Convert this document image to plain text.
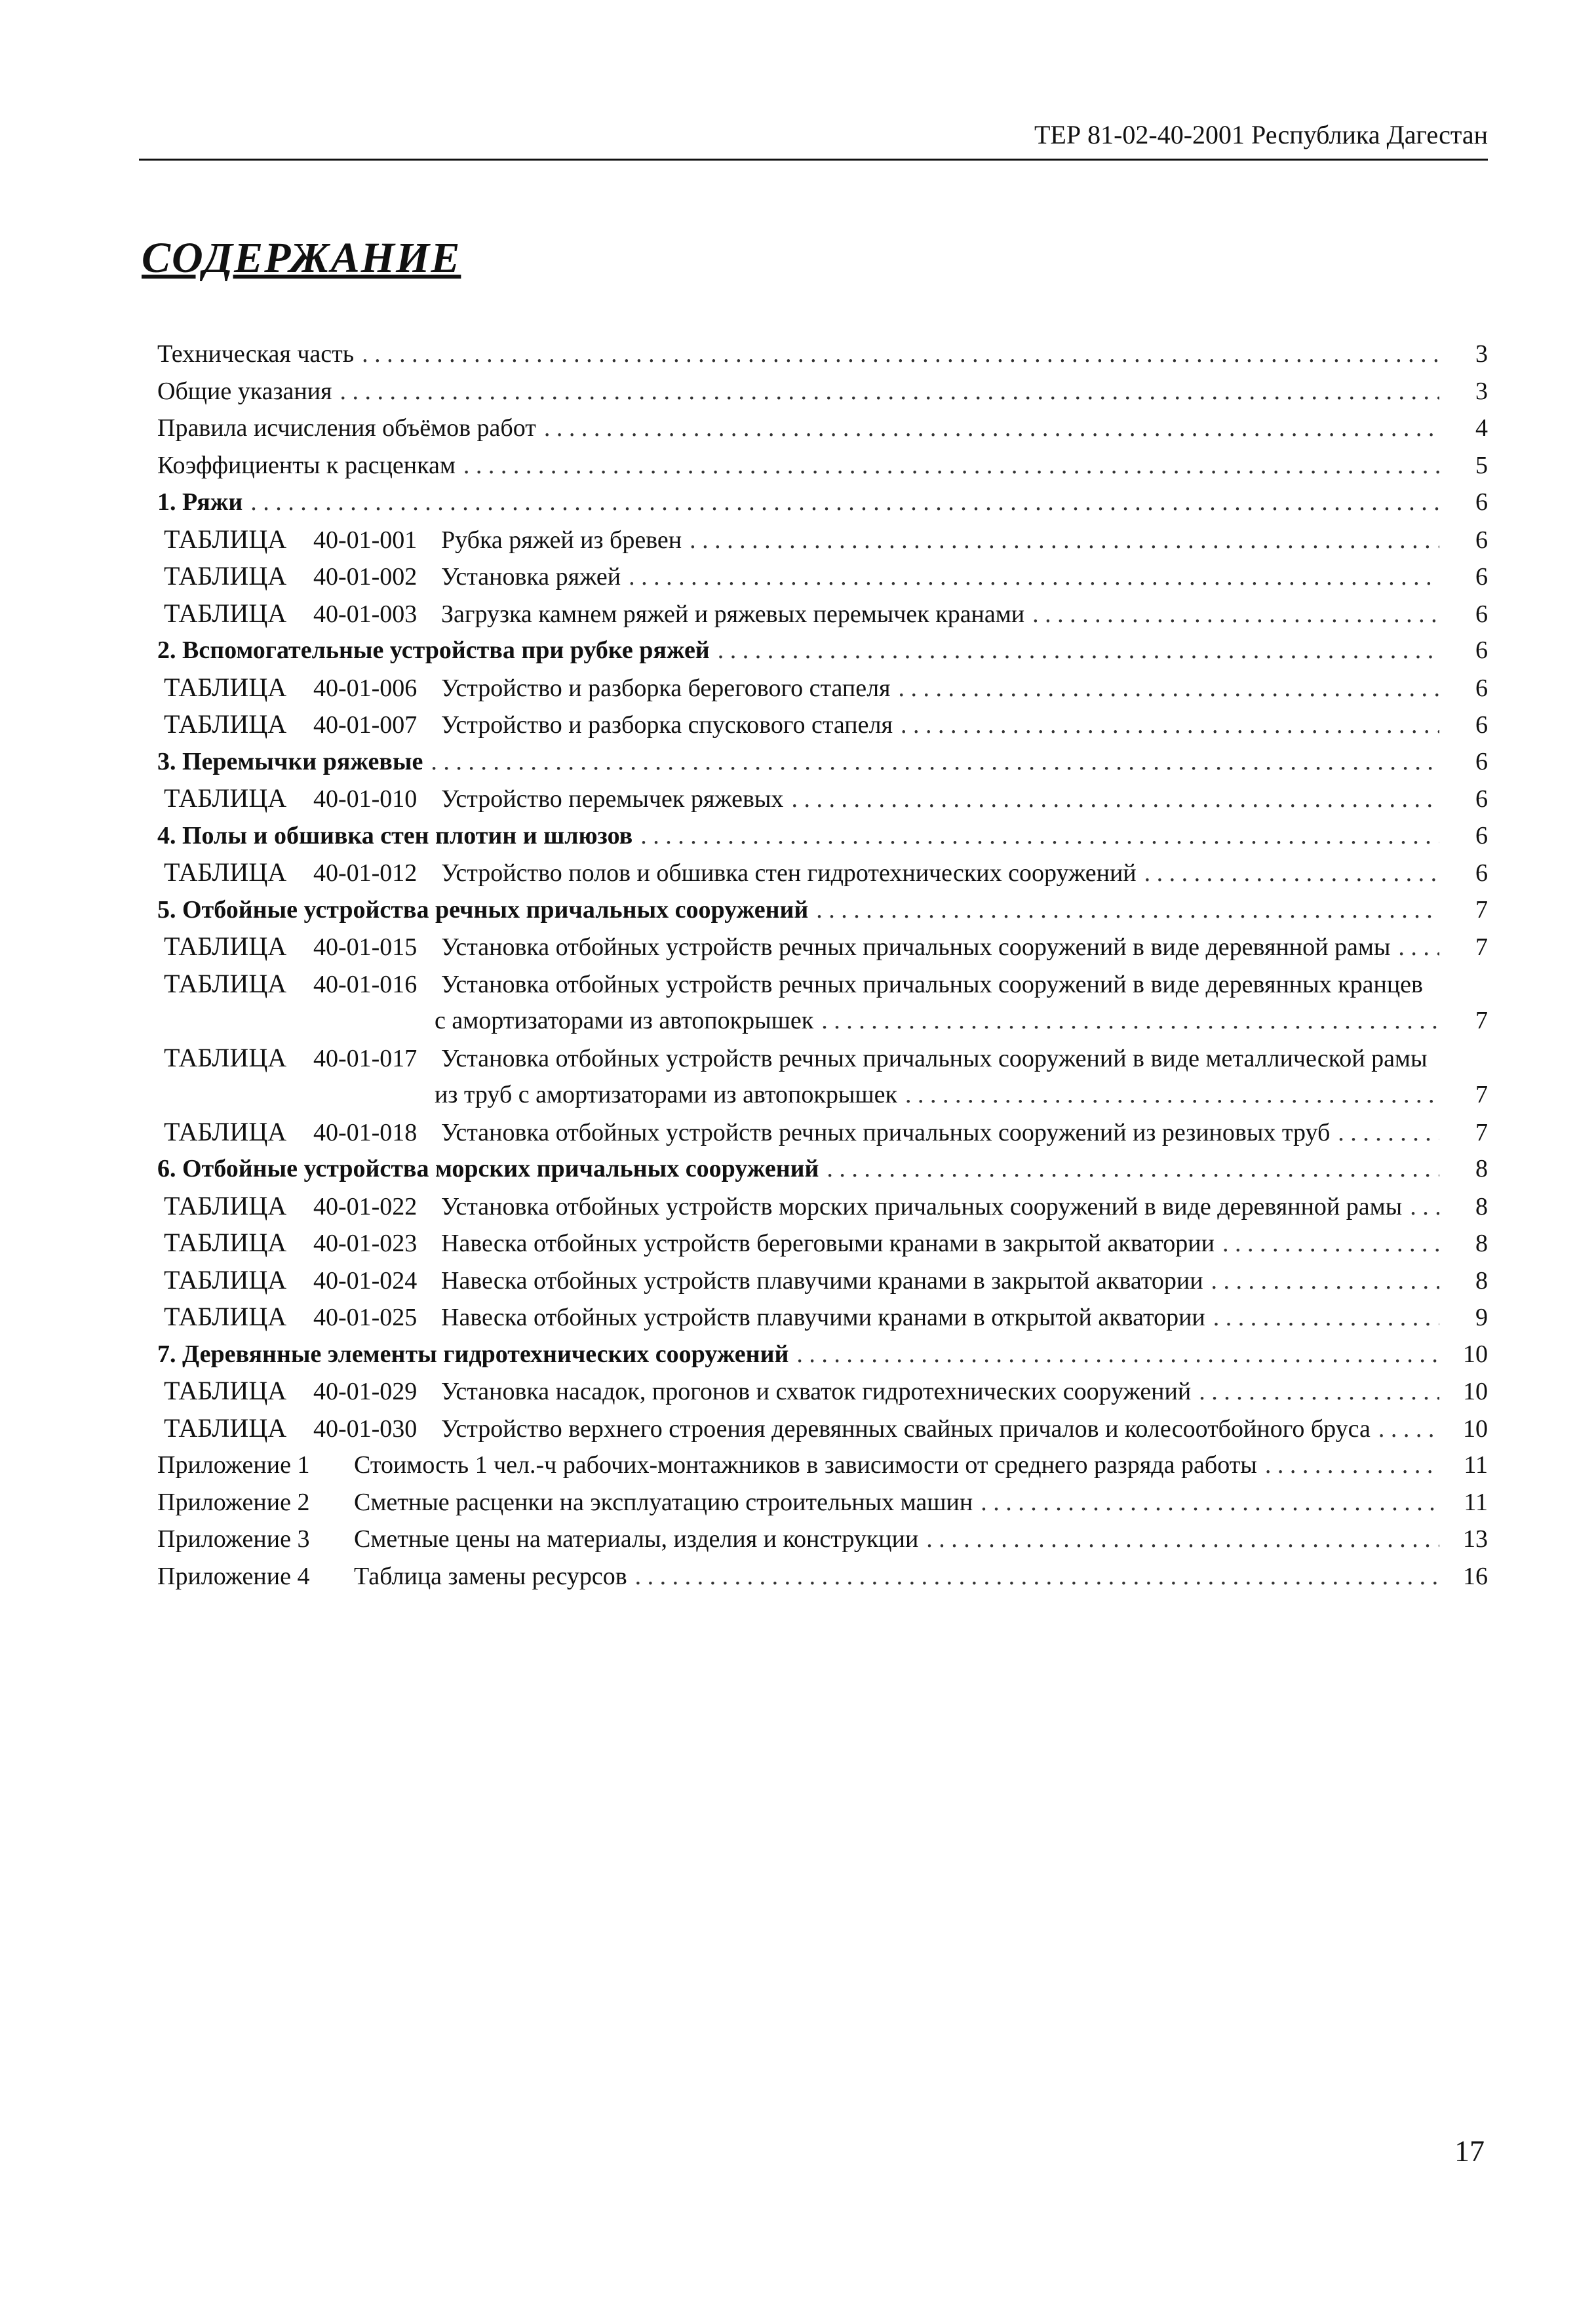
ТЕР 81-02-40-2001 Республика Дагестан
СОДЕРЖАНИЕ
Техническая часть . . .	3
Общие указания . . .	3
Правила исчисления объёмов работ . . .	4
Коэффициенты к расценкам . . .	5
1. Ряжи . . .	6
ТАБЛИЦА	40-01-001 Рубка ряжей из бревен . . .	6
ТАБЛИЦА	40-01-002 Установка ряжей . . .	6
ТАБЛИЦА	40-01-003 Загрузка камнем ряжей и ряжевых перемычек кранами . . .	6
2. Вспомогательные устройства при рубке ряжей . . .	6
ТАБЛИЦА	40-01-006 Устройство и разборка берегового стапеля . . .	6
ТАБЛИЦА	40-01-007 Устройство и разборка спускового стапеля . . .	6
3. Перемычки ряжевые . . .	6
ТАБЛИЦА	40-01-010 Устройство перемычек ряжевых . . .	6
4. Полы и обшивка стен плотин и шлюзов . . .	6
ТАБЛИЦА	40-01-012 Устройство полов и обшивка стен гидротехнических сооружений . . .	6
5. Отбойные устройства речных причальных сооружений . . .	7
ТАБЛИЦА	40-01-015 Установка отбойных устройств речных причальных сооружений в виде деревянной рамы . . .	7
ТАБЛИЦА	40-01-016 Установка отбойных устройств речных причальных сооружений в виде деревянных кранцев
с амортизаторами из автопокрышек . . .	7
ТАБЛИЦА	40-01-017 Установка отбойных устройств речных причальных сооружений в виде металлической рамы
из труб с амортизаторами из автопокрышек . . .	7
ТАБЛИЦА	40-01-018 Установка отбойных устройств речных причальных сооружений из резиновых труб . . .	7
6. Отбойные устройства морских причальных сооружений . . .	8
ТАБЛИЦА	40-01-022 Установка отбойных устройств морских причальных сооружений в виде деревянной рамы . . .	8
ТАБЛИЦА	40-01-023 Навеска отбойных устройств береговыми кранами в закрытой акватории . . .	8
ТАБЛИЦА	40-01-024 Навеска отбойных устройств плавучими кранами в закрытой акватории . . .	8
ТАБЛИЦА	40-01-025 Навеска отбойных устройств плавучими кранами в открытой акватории . . .	9
7. Деревянные элементы гидротехнических сооружений . . .	10
ТАБЛИЦА	40-01-029 Установка насадок, прогонов и схваток гидротехнических сооружений . . .	10
ТАБЛИЦА	40-01-030 Устройство верхнего строения деревянных свайных причалов и колесоотбойного бруса . . .	10
Приложение 1	Стоимость 1 чел.-ч рабочих-монтажников в зависимости от среднего разряда работы . . .	11
Приложение 2	Сметные расценки на эксплуатацию строительных машин . . .	11
Приложение 3	Сметные цены на материалы, изделия и конструкции . . .	13
Приложение 4	Таблица замены ресурсов . . .	16
17
